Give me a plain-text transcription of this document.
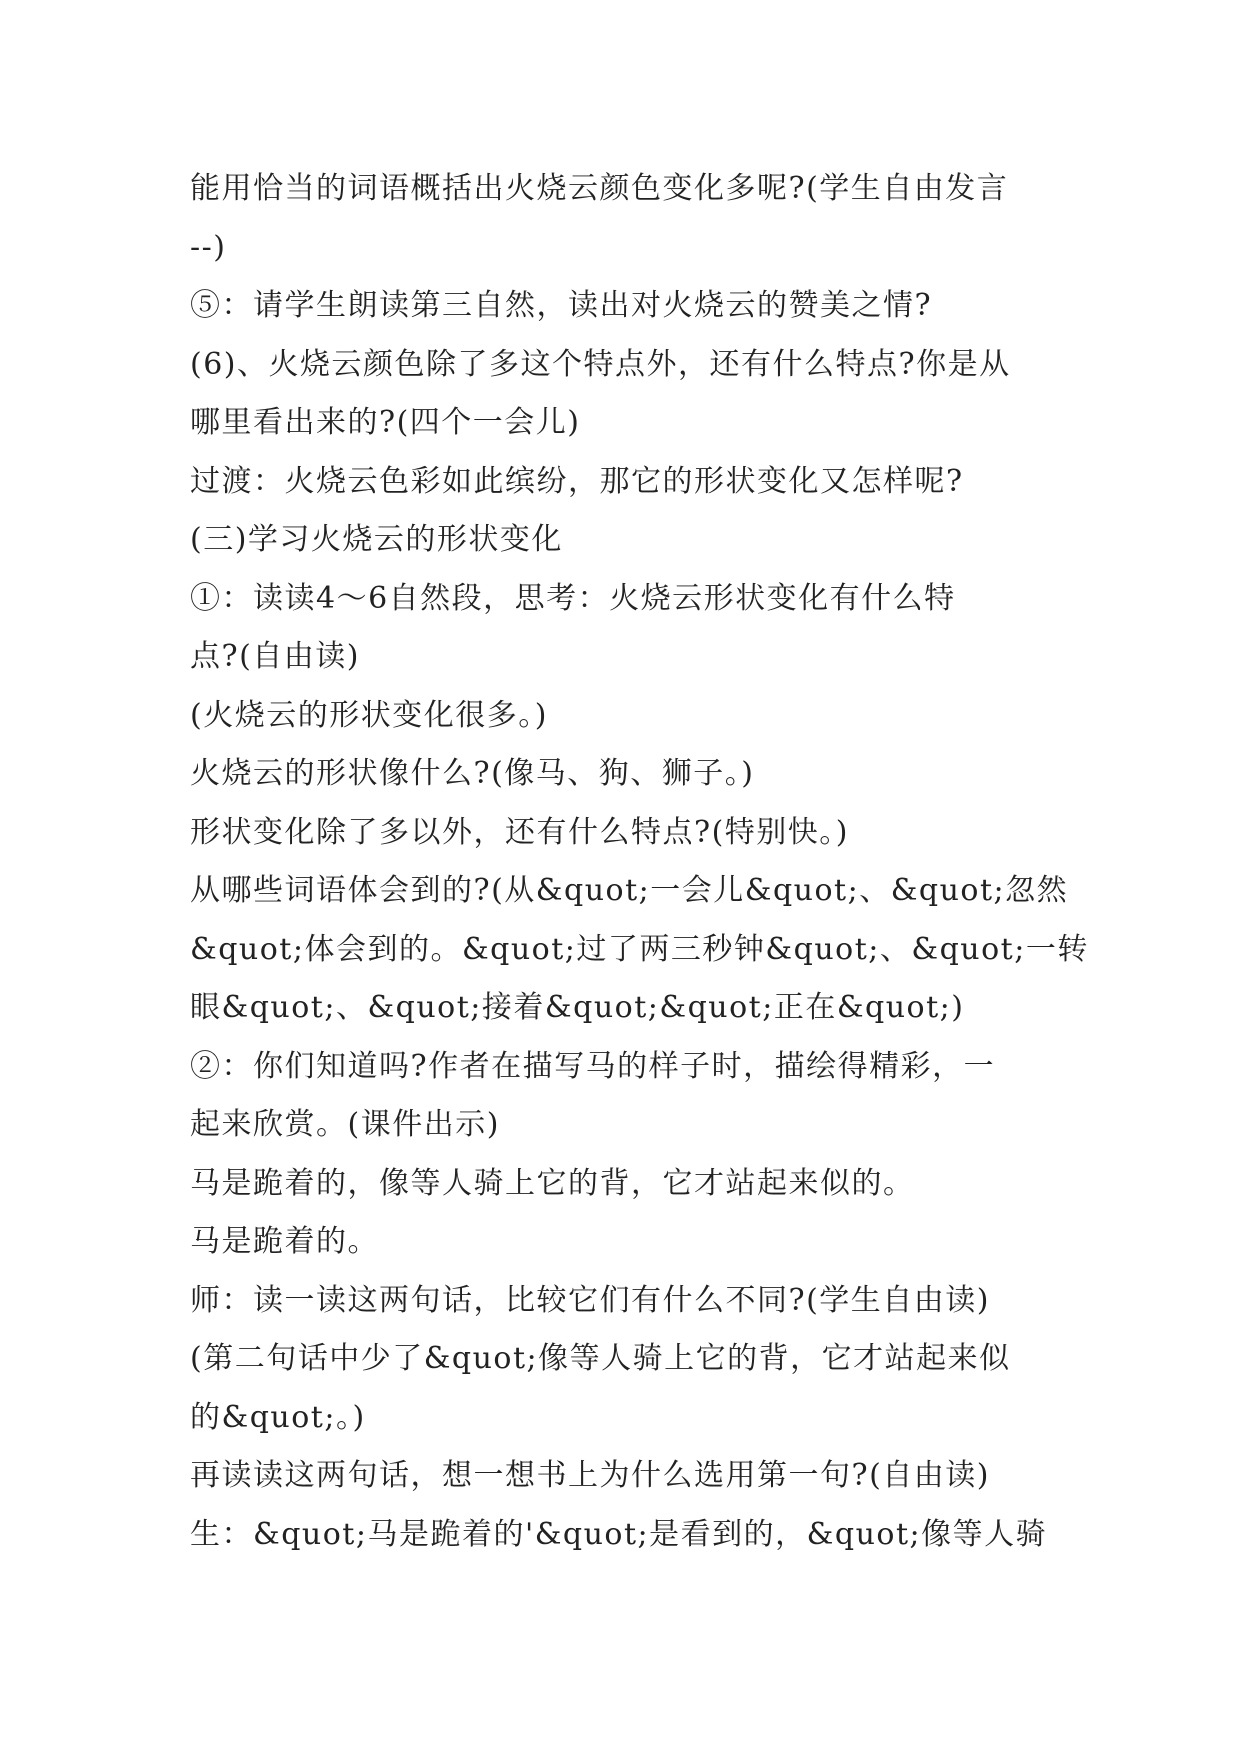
能用恰当的词语概括出火烧云颜色变化多呢?(学生自由发言

--)

⑤：请学生朗读第三自然，读出对火烧云的赞美之情?

(6)、火烧云颜色除了多这个特点外，还有什么特点?你是从

哪里看出来的?(四个一会儿)

过渡：火烧云色彩如此缤纷，那它的形状变化又怎样呢?

(三)学习火烧云的形状变化

①：读读4～6自然段，思考：火烧云形状变化有什么特

点?(自由读)

(火烧云的形状变化很多。)

火烧云的形状像什么?(像马、狗、狮子。)

形状变化除了多以外，还有什么特点?(特别快。)

从哪些词语体会到的?(从&quot;一会儿&quot;、&quot;忽然

&quot;体会到的。&quot;过了两三秒钟&quot;、&quot;一转

眼&quot;、&quot;接着&quot;&quot;正在&quot;)

②：你们知道吗?作者在描写马的样子时，描绘得精彩，一

起来欣赏。(课件出示)

马是跪着的，像等人骑上它的背，它才站起来似的。

马是跪着的。

师：读一读这两句话，比较它们有什么不同?(学生自由读)

(第二句话中少了&quot;像等人骑上它的背，它才站起来似

的&quot;。)

再读读这两句话，想一想书上为什么选用第一句?(自由读)

生：&quot;马是跪着的'&quot;是看到的，&quot;像等人骑
